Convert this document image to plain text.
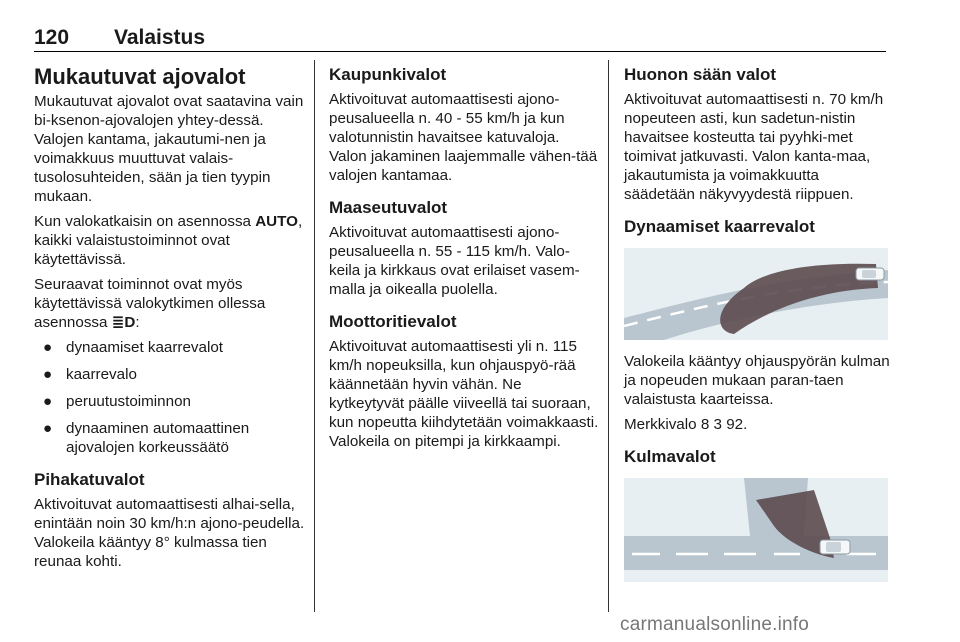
120 Valaistus
Mukautuvat ajovalot

Mukautuvat ajovalot ovat saatavina vain bi-ksenon-ajovalojen yhtey-dessä. Valojen kantama, jakautumi-nen ja voimakkuus muuttuvat valais-tusolosuhteiden, sään ja tien tyypin mukaan.

Kun valokatkaisin on asennossa AUTO, kaikki valaistustoiminnot ovat käytettävissä.

Seuraavat toiminnot ovat myös käytettävissä valokytkimen ollessa asennossa ≣D:

● dynaamiset kaarrevalot
● kaarrevalo
● peruutustoiminnon
● dynaaminen automaattinen ajovalojen korkeussäätö
Pihakatuvalot

Aktivoituvat automaattisesti alhai-sella, enintään noin 30 km/h:n ajono-peudella. Valokeila kääntyy 8° kulmassa tien reunaa kohti.

Kaupunkivalot

Aktivoituvat automaattisesti ajono-peusalueella n. 40 - 55 km/h ja kun valotunnistin havaitsee katuvaloja. Valon jakaminen laajemmalle vähen-tää valojen kantamaa.

Maaseutuvalot

Aktivoituvat automaattisesti ajono-peusalueella n. 55 - 115 km/h. Valo-keila ja kirkkaus ovat erilaiset vasem-malla ja oikealla puolella.

Moottoritievalot

Aktivoituvat automaattisesti yli n. 115 km/h nopeuksilla, kun ohjauspyö-rää käännetään hyvin vähän. Ne kytkeytyvät päälle viiveellä tai suoraan, kun nopeutta kiihdytetään voimakkaasti. Valokeila on pitempi ja kirkkaampi.

Huonon sään valot

Aktivoituvat automaattisesti n. 70 km/h nopeuteen asti, kun sadetun-nistin havaitsee kosteutta tai pyyhki-met toimivat jatkuvasti. Valon kanta-maa, jakautumista ja voimakkuutta säädetään näkyvyydestä riippuen.

Dynaamiset kaarrevalot

Valokeila kääntyy ohjauspyörän kulman ja nopeuden mukaan paran-taen valaistusta kaarteissa.

Merkkivalo 8 3 92.

Kulmavalot
carmanualsonline.info
